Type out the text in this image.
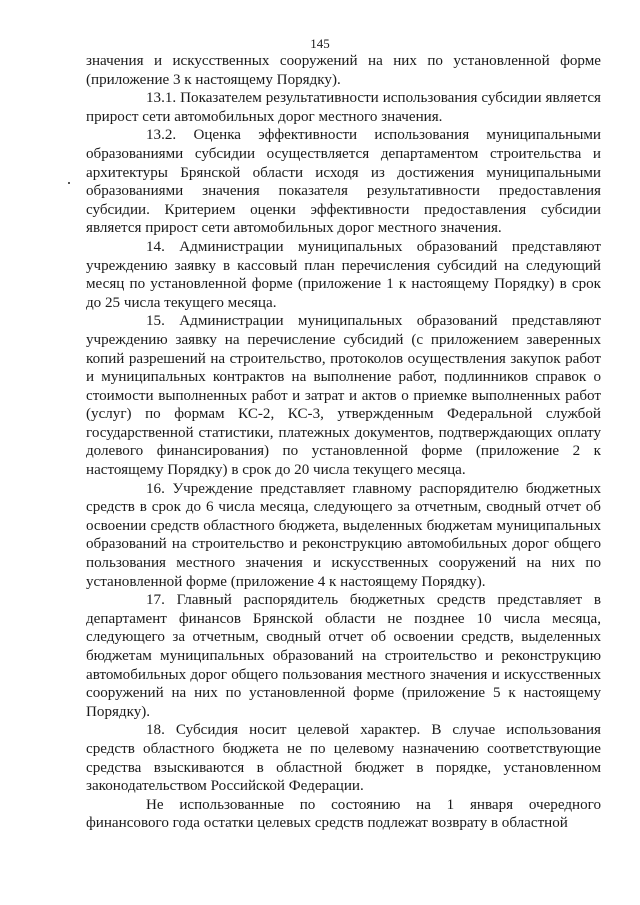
145

значения и искусственных сооружений на них по установленной форме (приложение 3 к настоящему Порядку).

13.1. Показателем результативности использования субсидии является прирост сети автомобильных дорог местного значения.

13.2. Оценка эффективности использования муниципальными образованиями субсидии осуществляется департаментом строительства и архитектуры Брянской области исходя из достижения муниципальными образованиями значения показателя результативности предоставления субсидии. Критерием оценки эффективности предоставления субсидии является прирост сети автомобильных дорог местного значения.

14. Администрации муниципальных образований представляют учреждению заявку в кассовый план перечисления субсидий на следующий месяц по установленной форме (приложение 1 к настоящему Порядку) в срок до 25 числа текущего месяца.

15. Администрации муниципальных образований представляют учреждению заявку на перечисление субсидий (с приложением заверенных копий разрешений на строительство, протоколов осуществления закупок работ и муниципальных контрактов на выполнение работ, подлинников справок о стоимости выполненных работ и затрат и актов о приемке выполненных работ (услуг) по формам КС-2, КС-3, утвержденным Федеральной службой государственной статистики, платежных документов, подтверждающих оплату долевого финансирования) по установленной форме (приложение 2 к настоящему Порядку) в срок до 20 числа текущего месяца.

16. Учреждение представляет главному распорядителю бюджетных средств в срок до 6 числа месяца, следующего за отчетным, сводный отчет об освоении средств областного бюджета, выделенных бюджетам муниципальных образований на строительство и реконструкцию автомобильных дорог общего пользования местного значения и искусственных сооружений на них по установленной форме (приложение 4 к настоящему Порядку).

17. Главный распорядитель бюджетных средств представляет в департамент финансов Брянской области не позднее 10 числа месяца, следующего за отчетным, сводный отчет об освоении средств, выделенных бюджетам муниципальных образований на строительство и реконструкцию автомобильных дорог общего пользования местного значения и искусственных сооружений на них по установленной форме (приложение 5 к настоящему Порядку).

18. Субсидия носит целевой характер. В случае использования средств областного бюджета не по целевому назначению соответствующие средства взыскиваются в областной бюджет в порядке, установленном законодательством Российской Федерации.

Не использованные по состоянию на 1 января очередного финансового года остатки целевых средств подлежат возврату в областной
